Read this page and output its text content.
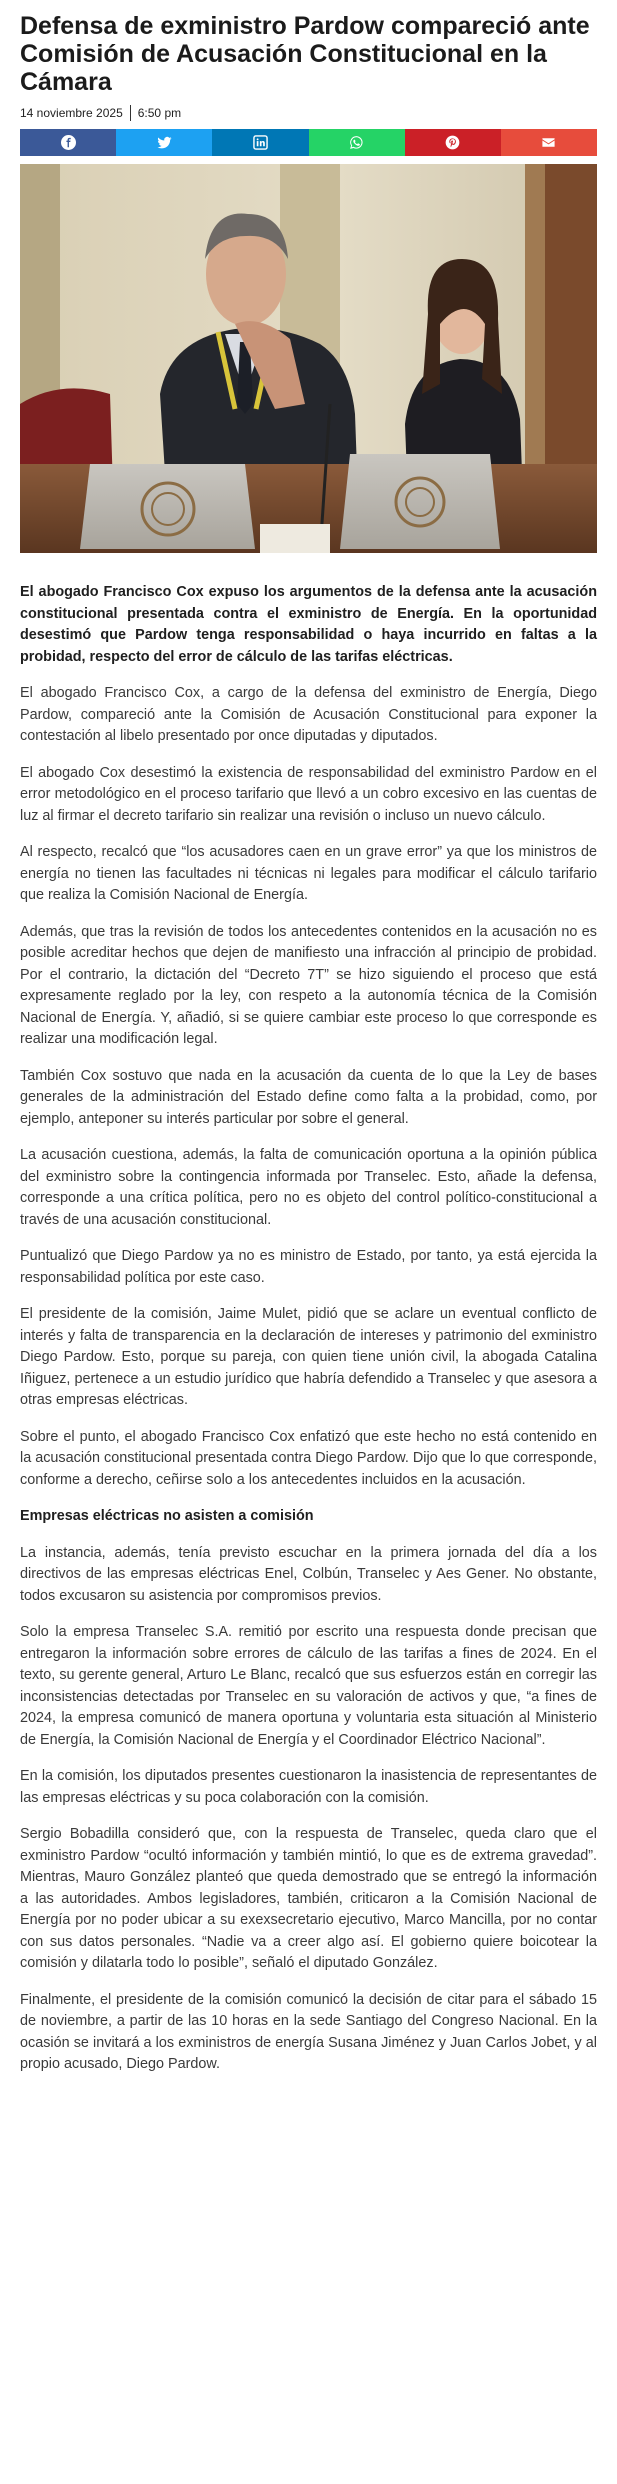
Defensa de exministro Pardow compareció ante Comisión de Acusación Constitucional en la Cámara
14 noviembre 2025 6:50 pm

El abogado Francisco Cox expuso los argumentos de la defensa ante la acusación constitucional presentada contra el exministro de Energía. En la oportunidad desestimó que Pardow tenga responsabilidad o haya incurrido en faltas a la probidad, respecto del error de cálculo de las tarifas eléctricas.

El abogado Francisco Cox, a cargo de la defensa del exministro de Energía, Diego Pardow, compareció ante la Comisión de Acusación Constitucional para exponer la contestación al libelo presentado por once diputadas y diputados.

El abogado Cox desestimó la existencia de responsabilidad del exministro Pardow en el error metodológico en el proceso tarifario que llevó a un cobro excesivo en las cuentas de luz al firmar el decreto tarifario sin realizar una revisión o incluso un nuevo cálculo.

Al respecto, recalcó que “los acusadores caen en un grave error” ya que los ministros de energía no tienen las facultades ni técnicas ni legales para modificar el cálculo tarifario que realiza la Comisión Nacional de Energía.

Además, que tras la revisión de todos los antecedentes contenidos en la acusación no es posible acreditar hechos que dejen de manifiesto una infracción al principio de probidad. Por el contrario, la dictación del “Decreto 7T” se hizo siguiendo el proceso que está expresamente reglado por la ley, con respeto a la autonomía técnica de la Comisión Nacional de Energía. Y, añadió, si se quiere cambiar este proceso lo que corresponde es realizar una modificación legal.

También Cox sostuvo que nada en la acusación da cuenta de lo que la Ley de bases generales de la administración del Estado define como falta a la probidad, como, por ejemplo, anteponer su interés particular por sobre el general.

La acusación cuestiona, además, la falta de comunicación oportuna a la opinión pública del exministro sobre la contingencia informada por Transelec. Esto, añade la defensa, corresponde a una crítica política, pero no es objeto del control político-constitucional a través de una acusación constitucional.

Puntualizó que Diego Pardow ya no es ministro de Estado, por tanto, ya está ejercida la responsabilidad política por este caso.

El presidente de la comisión, Jaime Mulet, pidió que se aclare un eventual conflicto de interés y falta de transparencia en la declaración de intereses y patrimonio del exministro Diego Pardow. Esto, porque su pareja, con quien tiene unión civil, la abogada Catalina Iñiguez, pertenece a un estudio jurídico que habría defendido a Transelec y que asesora a otras empresas eléctricas.

Sobre el punto, el abogado Francisco Cox enfatizó que este hecho no está contenido en la acusación constitucional presentada contra Diego Pardow. Dijo que lo que corresponde, conforme a derecho, ceñirse solo a los antecedentes incluidos en la acusación.

Empresas eléctricas no asisten a comisión

La instancia, además, tenía previsto escuchar en la primera jornada del día a los directivos de las empresas eléctricas Enel, Colbún, Transelec y Aes Gener. No obstante, todos excusaron su asistencia por compromisos previos.

Solo la empresa Transelec S.A. remitió por escrito una respuesta donde precisan que entregaron la información sobre errores de cálculo de las tarifas a fines de 2024. En el texto, su gerente general, Arturo Le Blanc, recalcó que sus esfuerzos están en corregir las inconsistencias detectadas por Transelec en su valoración de activos y que, “a fines de 2024, la empresa comunicó de manera oportuna y voluntaria esta situación al Ministerio de Energía, la Comisión Nacional de Energía y el Coordinador Eléctrico Nacional”.

En la comisión, los diputados presentes cuestionaron la inasistencia de representantes de las empresas eléctricas y su poca colaboración con la comisión.

Sergio Bobadilla consideró que, con la respuesta de Transelec, queda claro que el exministro Pardow “ocultó información y también mintió, lo que es de extrema gravedad”. Mientras, Mauro González planteó que queda demostrado que se entregó la información a las autoridades. Ambos legisladores, también, criticaron a la Comisión Nacional de Energía por no poder ubicar a su exexsecretario ejecutivo, Marco Mancilla, por no contar con sus datos personales. “Nadie va a creer algo así. El gobierno quiere boicotear la comisión y dilatarla todo lo posible”, señaló el diputado González.

Finalmente, el presidente de la comisión comunicó la decisión de citar para el sábado 15 de noviembre, a partir de las 10 horas en la sede Santiago del Congreso Nacional. En la ocasión se invitará a los exministros de energía Susana Jiménez y Juan Carlos Jobet, y al propio acusado, Diego Pardow.
